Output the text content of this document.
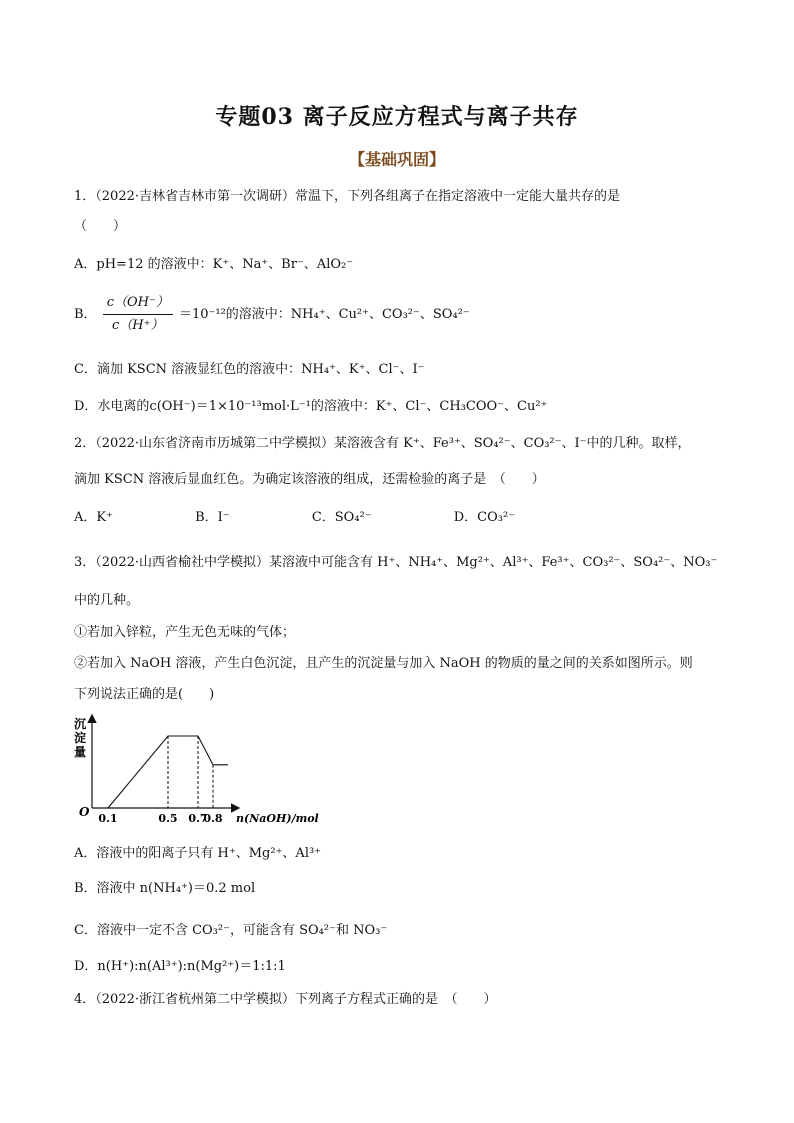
专题03 离子反应方程式与离子共存
【基础巩固】
1．（2022·吉林省吉林市第一次调研）常温下，下列各组离子在指定溶液中一定能大量共存的是
（　　）
A．pH=12 的溶液中：K⁺、Na⁺、Br⁻、AlO₂⁻
B． $\frac{c(OH^-)}{c(H^+)} =10^{-12}$的溶液中：NH₄⁺、Cu²⁺、CO₃²⁻、SO₄²⁻
C．滴加 KSCN 溶液显红色的溶液中：NH₄⁺、K⁺、Cl⁻、I⁻
D．水电离的c(OH⁻)＝1×10⁻¹³mol·L⁻¹的溶液中：K⁺、Cl⁻、CH₃COO⁻、Cu²⁺
2．（2022·山东省济南市历城第二中学模拟）某溶液含有 K⁺、Fe³⁺、SO₄²⁻、CO₃²⁻、I⁻中的几种。取样，
滴加 KSCN 溶液后显血红色。为确定该溶液的组成，还需检验的离子是　（　　）
A．K⁺	B．I⁻	C．SO₄²⁻	D．CO₃²⁻
3．（2022·山西省榆社中学模拟）某溶液中可能含有 H⁺、NH₄⁺、Mg²⁺、Al³⁺、Fe³⁺、CO₃²⁻、SO₄²⁻、NO₃⁻
中的几种。
①若加入锌粒，产生无色无味的气体；
②若加入 NaOH 溶液，产生白色沉淀，且产生的沉淀量与加入 NaOH 的物质的量之间的关系如图所示。则
下列说法正确的是(　　)
沉
淀
量
O 0.1	0.5 0.7
0.8 n(NaOH)/mol
A．溶液中的阳离子只有 H⁺、Mg²⁺、Al³⁺
B．溶液中 n(NH₄⁺)＝0.2 mol
C．溶液中一定不含 CO₃²⁻，可能含有 SO₄²⁻和 NO₃⁻
D．n(H⁺):n(Al³⁺):n(Mg²⁺)＝1:1:1
4．（2022·浙江省杭州第二中学模拟）下列离子方程式正确的是　（　　）
